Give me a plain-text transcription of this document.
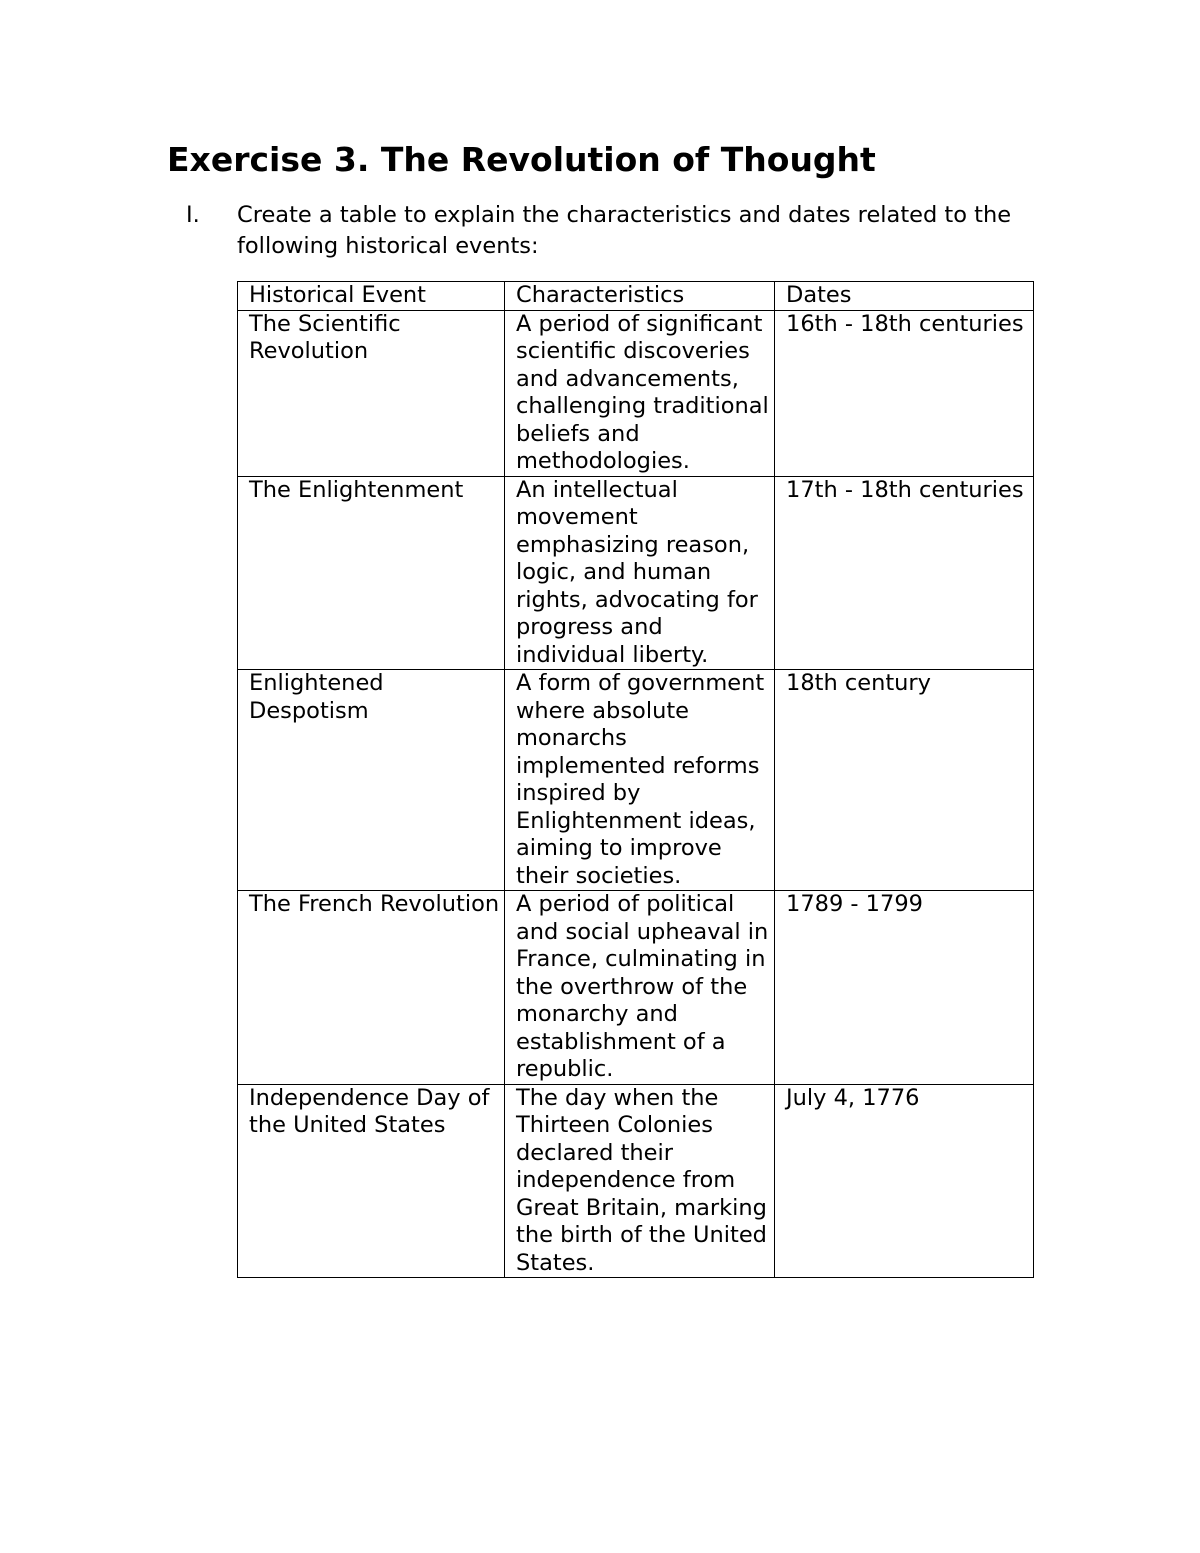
Exercise 3. The Revolution of Thought
I. Create a table to explain the characteristics and dates related to the following historical events:
Historical Event	Characteristics	Dates
The Scientific Revolution	A period of significant scientific discoveries and advancements, challenging traditional beliefs and methodologies.	16th - 18th centuries
The Enlightenment	An intellectual movement emphasizing reason, logic, and human rights, advocating for progress and individual liberty.	17th - 18th centuries
Enlightened Despotism	A form of government where absolute monarchs implemented reforms inspired by Enlightenment ideas, aiming to improve their societies.	18th century
The French Revolution	A period of political and social upheaval in France, culminating in the overthrow of the monarchy and establishment of a republic.	1789 - 1799
Independence Day of the United States	The day when the Thirteen Colonies declared their independence from Great Britain, marking the birth of the United States.	July 4, 1776
